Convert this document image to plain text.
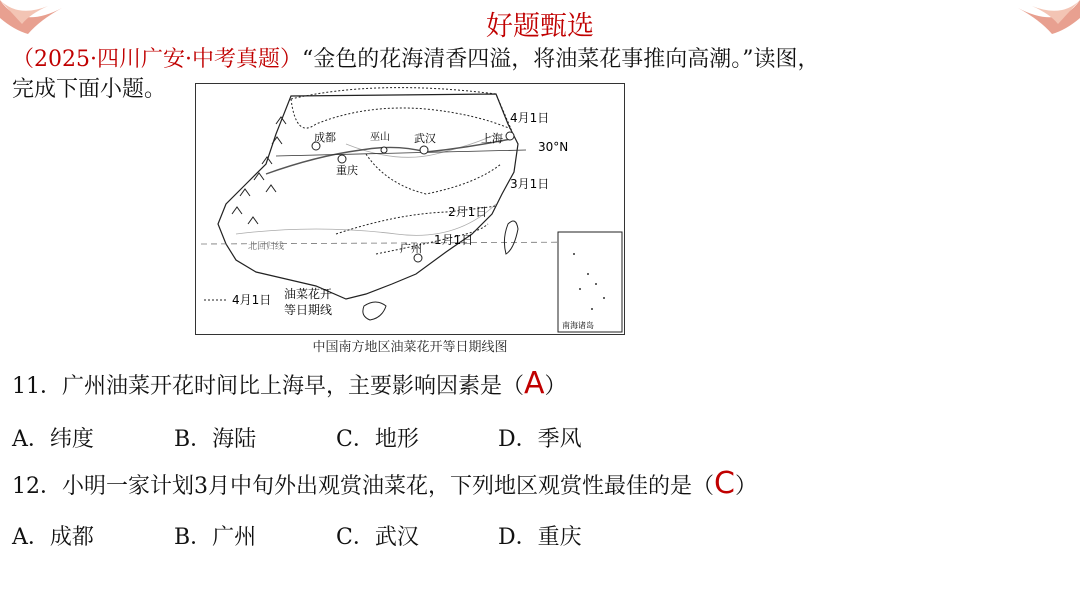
好题甄选
（2025·四川广安·中考真题）“金色的花海清香四溢，将油菜花事推向高潮。”读图，
完成下面小题。
成都
重庆
巫山 武汉	上海
广州
4月1日
3月1日
2月1日
1月1日
30°N
北回归线
4月1日 油菜花开
等日期线
南海诸岛
中国南方地区油菜花开等日期线图
11．广州油菜开花时间比上海早，主要影响因素是（A）
A．纬度	B．海陆	C．地形	D．季风
12．小明一家计划3月中旬外出观赏油菜花，下列地区观赏性最佳的是（C）
A．成都	B．广州	C．武汉	D．重庆
